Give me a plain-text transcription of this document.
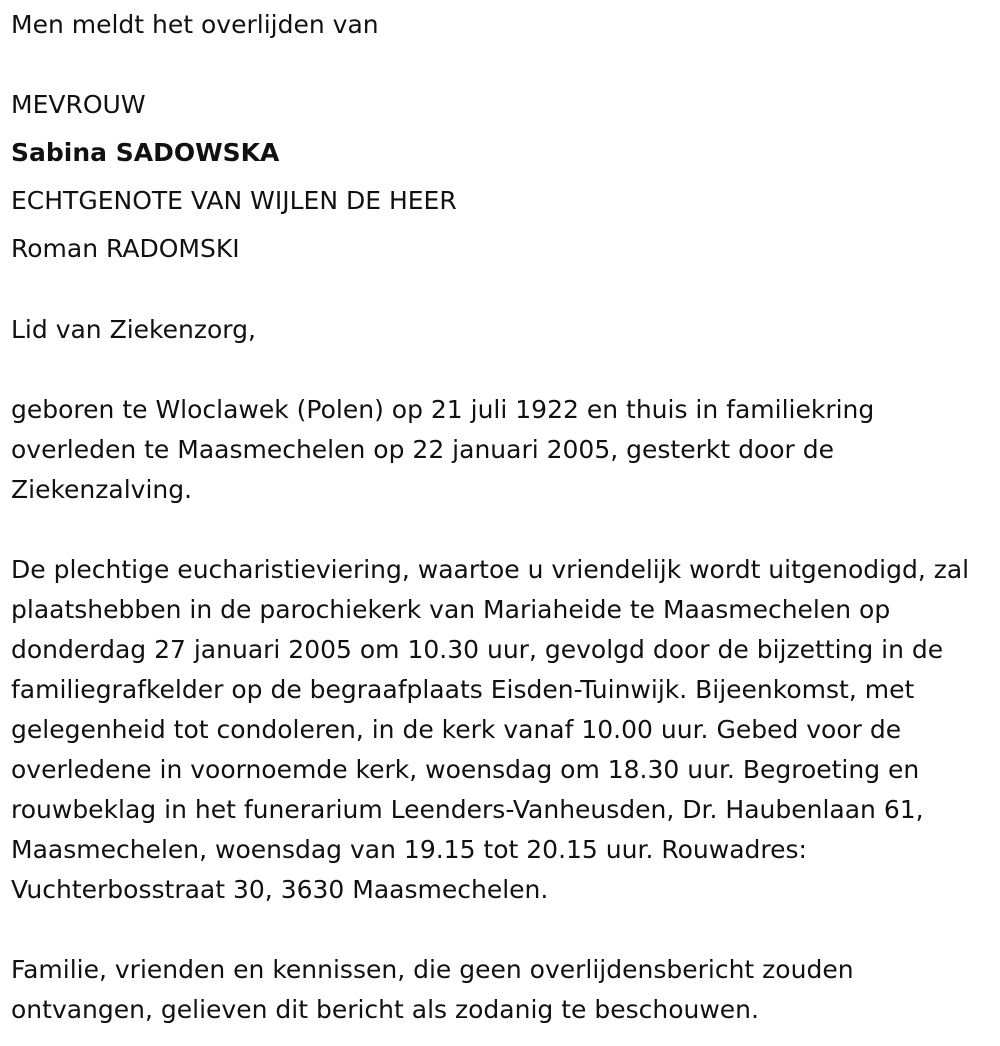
Men meldt het overlijden van
MEVROUW
Sabina SADOWSKA
ECHTGENOTE VAN WIJLEN DE HEER
Roman RADOMSKI
Lid van Ziekenzorg,

geboren te Wloclawek (Polen) op 21 juli 1922 en thuis in familiekring overleden te Maasmechelen op 22 januari 2005, gesterkt door de Ziekenzalving.

De plechtige eucharistieviering, waartoe u vriendelijk wordt uitgenodigd, zal plaatshebben in de parochiekerk van Mariaheide te Maasmechelen op donderdag 27 januari 2005 om 10.30 uur, gevolgd door de bijzetting in de familiegrafkelder op de begraafplaats Eisden-Tuinwijk. Bijeenkomst, met gelegenheid tot condoleren, in de kerk vanaf 10.00 uur. Gebed voor de overledene in voornoemde kerk, woensdag om 18.30 uur. Begroeting en rouwbeklag in het funerarium Leenders-Vanheusden, Dr. Haubenlaan 61, Maasmechelen, woensdag van 19.15 tot 20.15 uur. Rouwadres: Vuchterbosstraat 30, 3630 Maasmechelen.

Familie, vrienden en kennissen, die geen overlijdensbericht zouden ontvangen, gelieven dit bericht als zodanig te beschouwen.
